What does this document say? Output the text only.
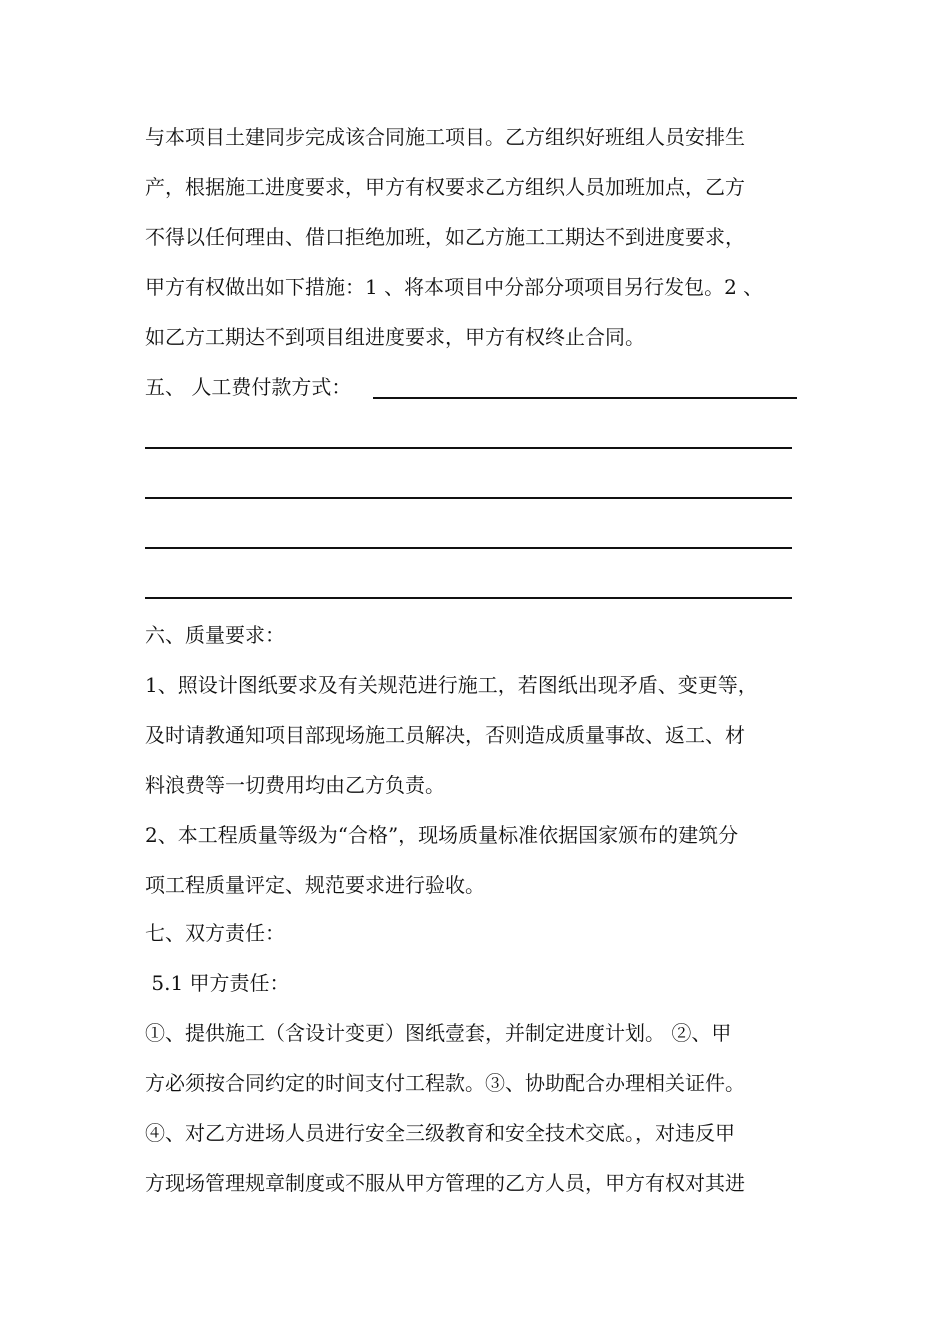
与本项目土建同步完成该合同施工项目。乙方组织好班组人员安排生
产，根据施工进度要求，甲方有权要求乙方组织人员加班加点，乙方
不得以任何理由、借口拒绝加班，如乙方施工工期达不到进度要求，
甲方有权做出如下措施：1 、将本项目中分部分项项目另行发包。2 、
如乙方工期达不到项目组进度要求，甲方有权终止合同。
五、 人工费付款方式：
六、质量要求：
1、照设计图纸要求及有关规范进行施工，若图纸出现矛盾、变更等，
及时请教通知项目部现场施工员解决，否则造成质量事故、返工、材
料浪费等一切费用均由乙方负责。
2、本工程质量等级为“合格”，现场质量标准依据国家颁布的建筑分
项工程质量评定、规范要求进行验收。
七、双方责任：
5.1 甲方责任：
①、提供施工（含设计变更）图纸壹套，并制定进度计划。 ②、甲
方必须按合同约定的时间支付工程款。③、协助配合办理相关证件。
④、对乙方进场人员进行安全三级教育和安全技术交底。，对违反甲
方现场管理规章制度或不服从甲方管理的乙方人员，甲方有权对其进
